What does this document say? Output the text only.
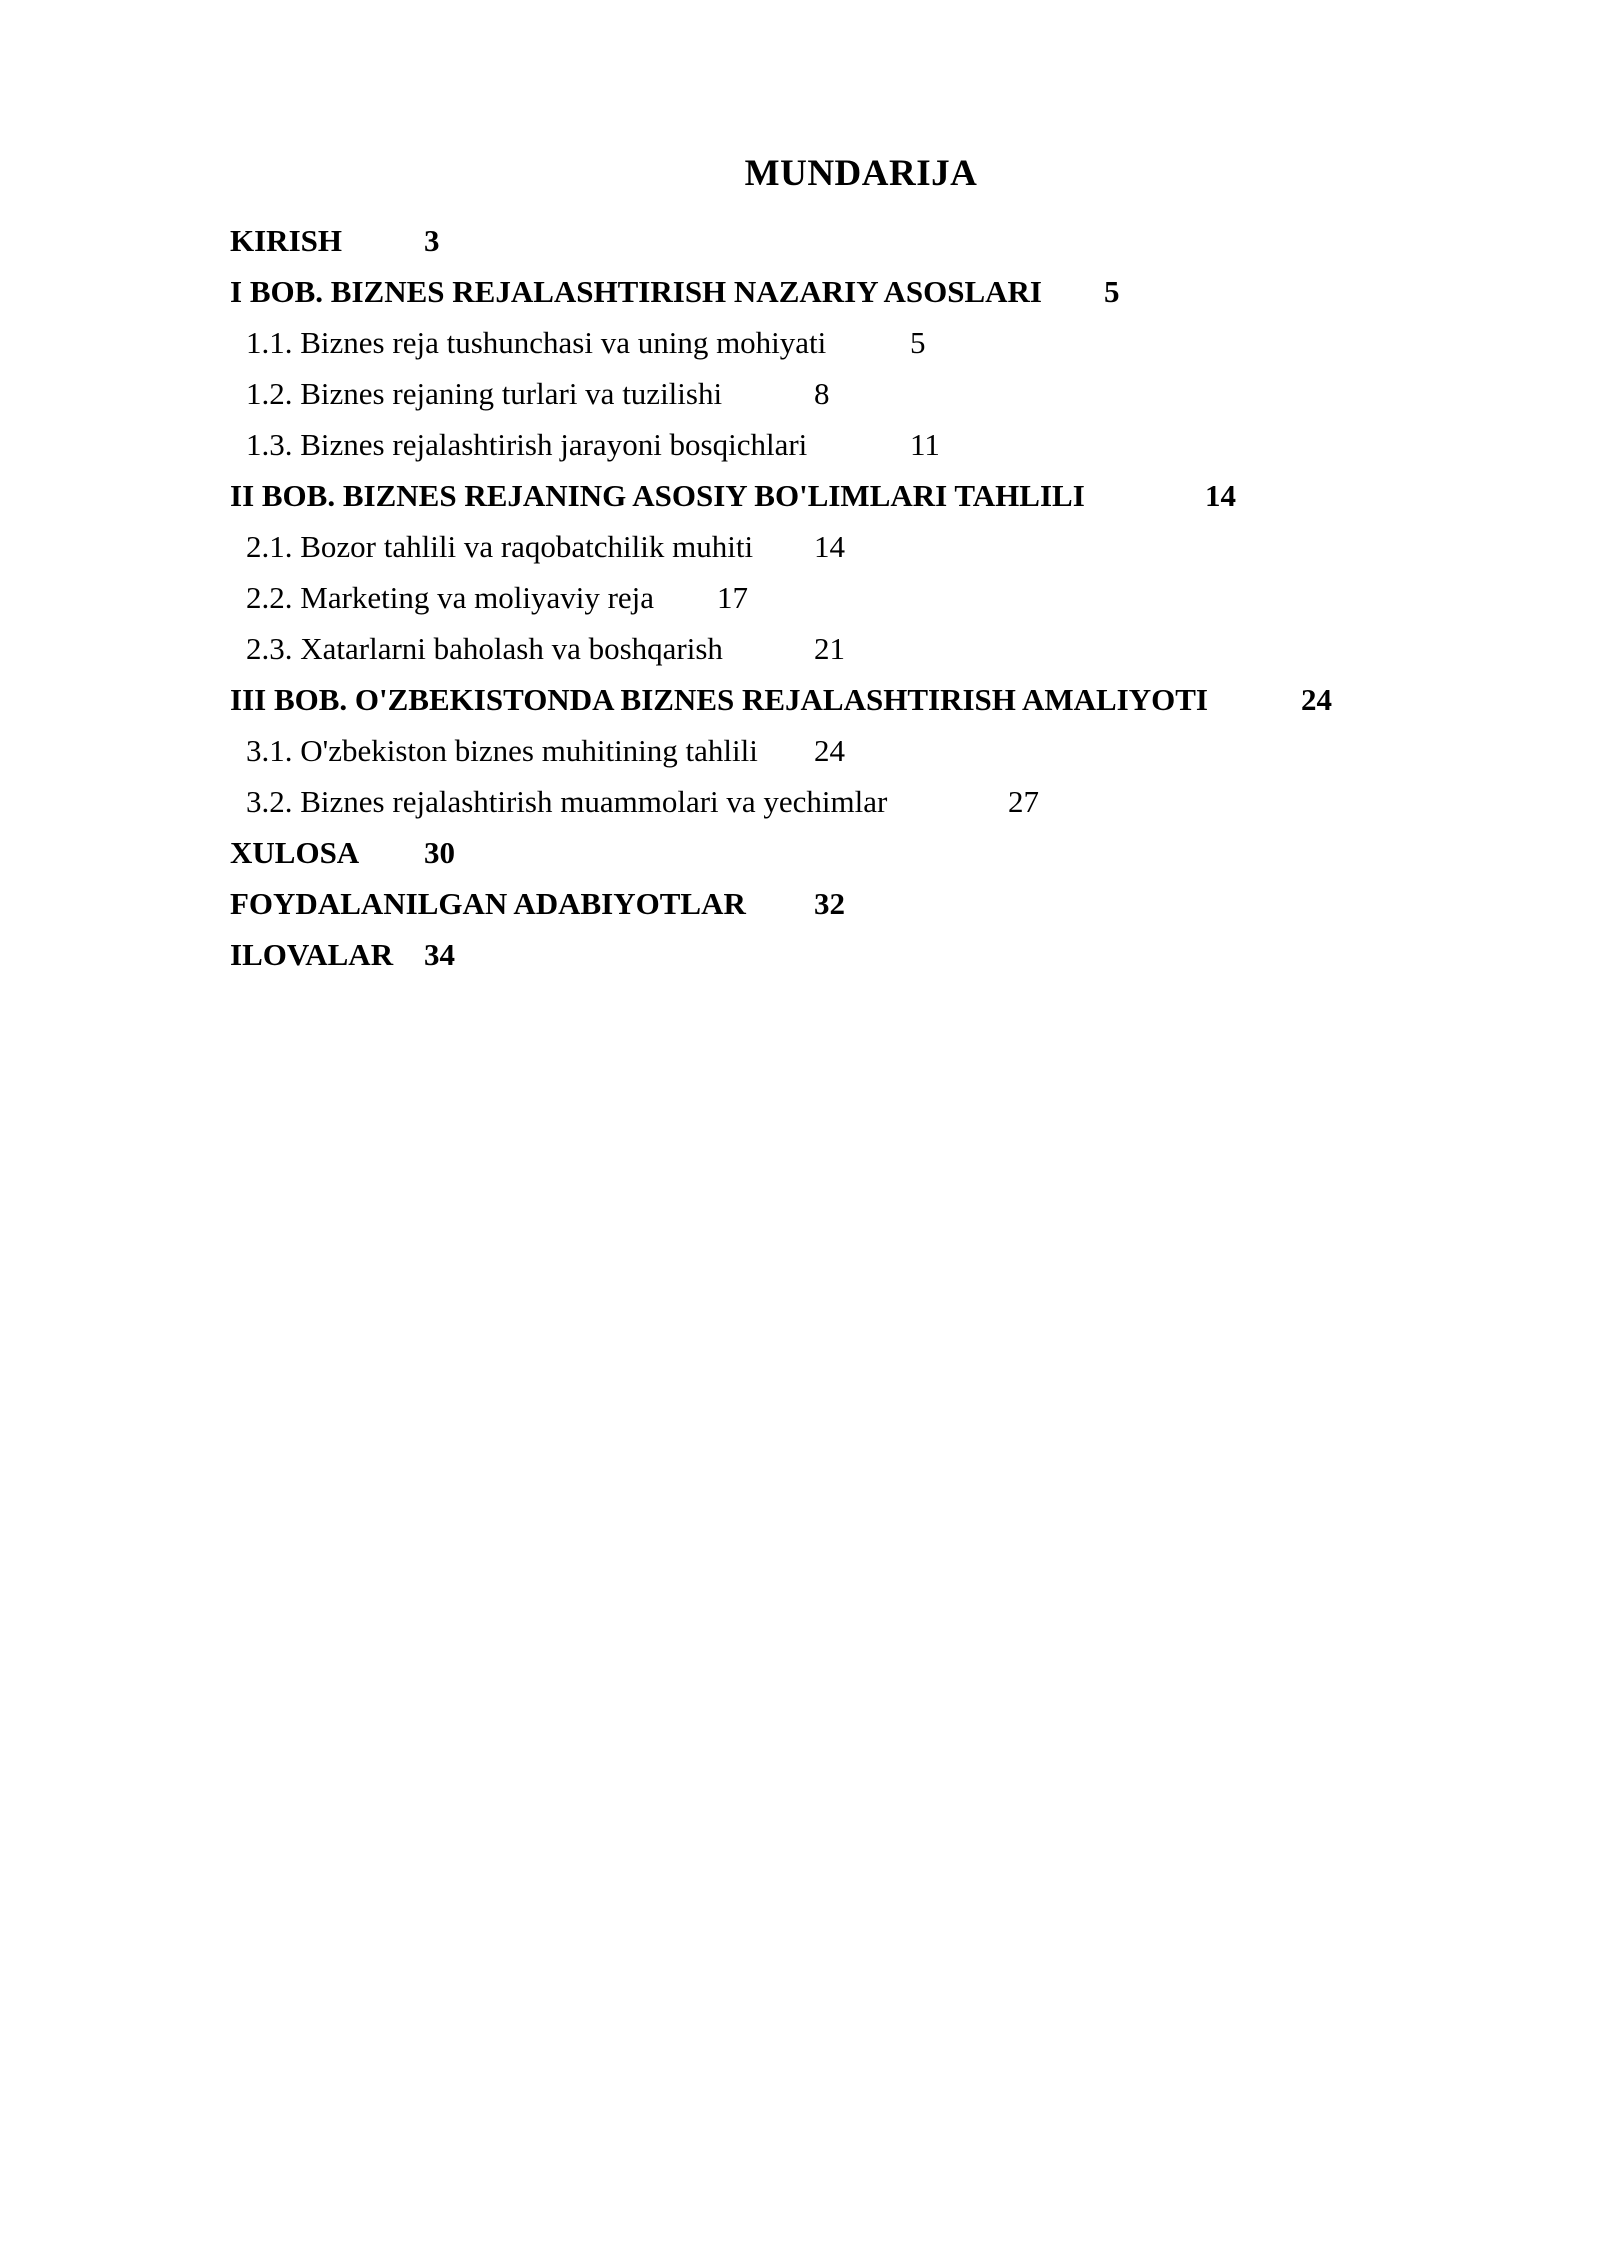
MUNDARIJA
KIRISH	3
I BOB. BIZNES REJALASHTIRISH NAZARIY ASOSLARI 5
1.1. Biznes reja tushunchasi va uning mohiyati	5
1.2. Biznes rejaning turlari va tuzilishi	8
1.3. Biznes rejalashtirish jarayoni bosqichlari	11
II BOB. BIZNES REJANING ASOSIY BO'LIMLARI TAHLILI	14
2.1. Bozor tahlili va raqobatchilik muhiti 14
2.2. Marketing va moliyaviy reja 17
2.3. Xatarlarni baholash va boshqarish	21
III BOB. O'ZBEKISTONDA BIZNES REJALASHTIRISH AMALIYOTI	24
3.1. O'zbekiston biznes muhitining tahlili 24
3.2. Biznes rejalashtirish muammolari va yechimlar	27
XULOSA 30
FOYDALANILGAN ADABIYOTLAR 32
ILOVALAR 34
